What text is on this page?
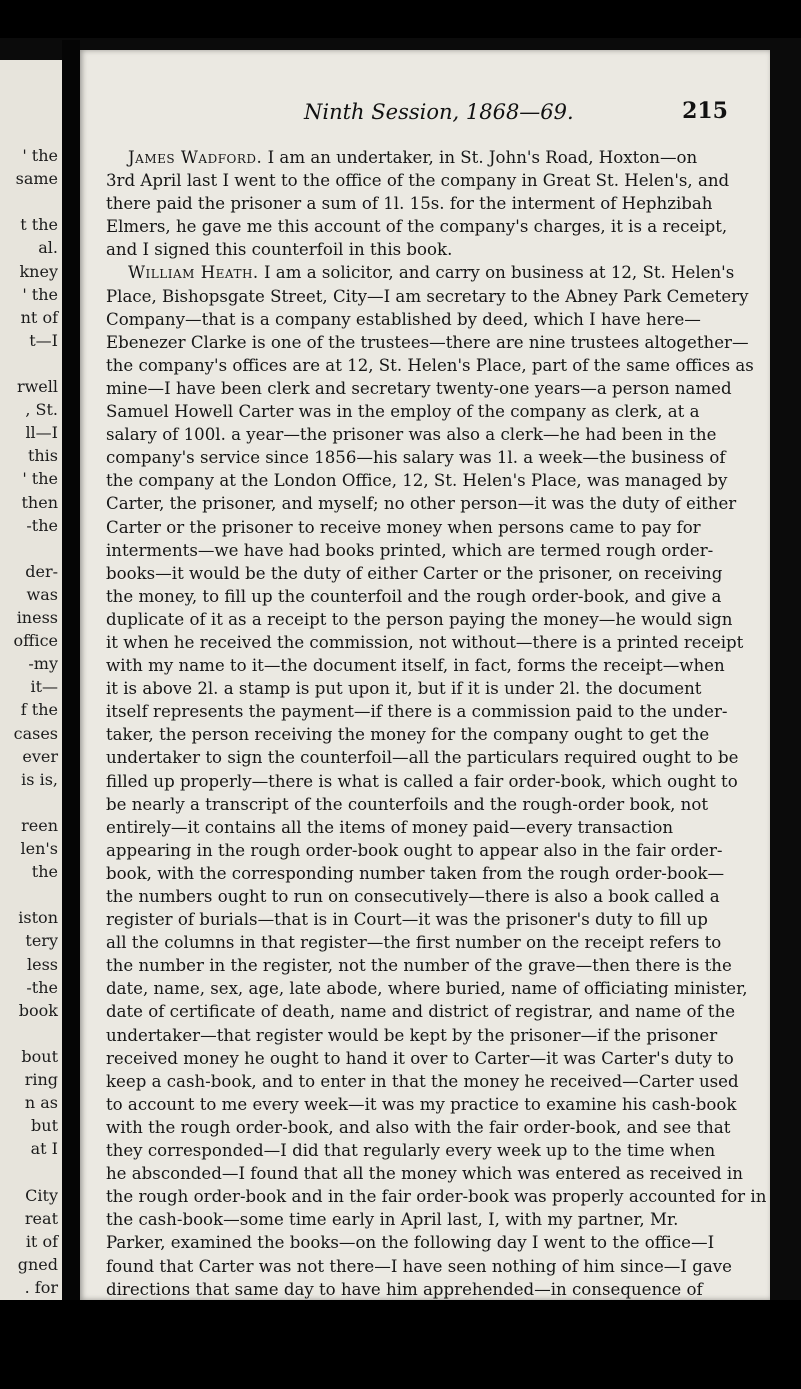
' the
same
t the
al.
kney
' the
nt of
t—I
rwell
, St.
ll—I
this
' the
then
-the
der-
was
iness
office
-my
it—
f the
cases
ever
is is,
reen
len's
the
iston
tery
less
-the
book
bout
ring
n as
but
at I
City
reat
it of
gned
. for
Ninth Session, 1868—69.	215
James Wadford. I am an undertaker, in St. John's Road, Hoxton—on
3rd April last I went to the office of the company in Great St. Helen's, and
there paid the prisoner a sum of 1l. 15s. for the interment of Hephzibah
Elmers, he gave me this account of the company's charges, it is a receipt,
and I signed this counterfoil in this book.
William Heath. I am a solicitor, and carry on business at 12, St. Helen's
Place, Bishopsgate Street, City—I am secretary to the Abney Park Cemetery
Company—that is a company established by deed, which I have here—
Ebenezer Clarke is one of the trustees—there are nine trustees altogether—
the company's offices are at 12, St. Helen's Place, part of the same offices as
mine—I have been clerk and secretary twenty-one years—a person named
Samuel Howell Carter was in the employ of the company as clerk, at a
salary of 100l. a year—the prisoner was also a clerk—he had been in the
company's service since 1856—his salary was 1l. a week—the business of
the company at the London Office, 12, St. Helen's Place, was managed by
Carter, the prisoner, and myself; no other person—it was the duty of either
Carter or the prisoner to receive money when persons came to pay for
interments—we have had books printed, which are termed rough order-
books—it would be the duty of either Carter or the prisoner, on receiving
the money, to fill up the counterfoil and the rough order-book, and give a
duplicate of it as a receipt to the person paying the money—he would sign
it when he received the commission, not without—there is a printed receipt
with my name to it—the document itself, in fact, forms the receipt—when
it is above 2l. a stamp is put upon it, but if it is under 2l. the document
itself represents the payment—if there is a commission paid to the under-
taker, the person receiving the money for the company ought to get the
undertaker to sign the counterfoil—all the particulars required ought to be
filled up properly—there is what is called a fair order-book, which ought to
be nearly a transcript of the counterfoils and the rough-order book, not
entirely—it contains all the items of money paid—every transaction
appearing in the rough order-book ought to appear also in the fair order-
book, with the corresponding number taken from the rough order-book—
the numbers ought to run on consecutively—there is also a book called a
register of burials—that is in Court—it was the prisoner's duty to fill up
all the columns in that register—the first number on the receipt refers to
the number in the register, not the number of the grave—then there is the
date, name, sex, age, late abode, where buried, name of officiating minister,
date of certificate of death, name and district of registrar, and name of the
undertaker—that register would be kept by the prisoner—if the prisoner
received money he ought to hand it over to Carter—it was Carter's duty to
keep a cash-book, and to enter in that the money he received—Carter used
to account to me every week—it was my practice to examine his cash-book
with the rough order-book, and also with the fair order-book, and see that
they corresponded—I did that regularly every week up to the time when
he absconded—I found that all the money which was entered as received in
the rough order-book and in the fair order-book was properly accounted for in
the cash-book—some time early in April last, I, with my partner, Mr.
Parker, examined the books—on the following day I went to the office—I
found that Carter was not there—I have seen nothing of him since—I gave
directions that same day to have him apprehended—in consequence of
